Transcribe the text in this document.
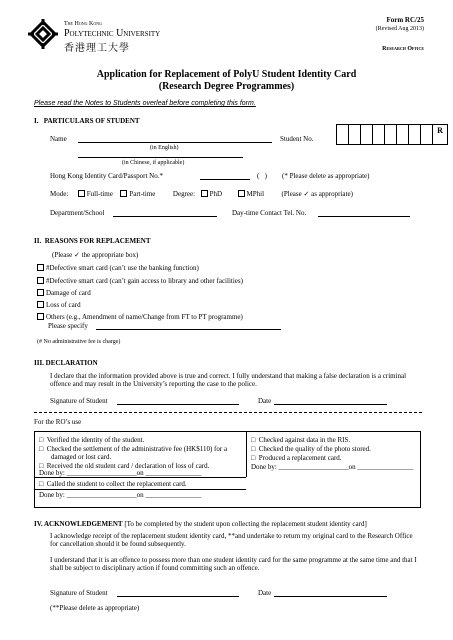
The Hong Kong
Polytechnic University
香港理工大學
Form RC/25
(Revised Aug 2013)
Research Office
Application for Replacement of PolyU Student Identity Card
(Research Degree Programmes)
Please read the Notes to Students overleaf before completing this form.
I.   PARTICULARS OF STUDENT
Name
(in English)
(in Chinese, if applicable)
Student No.
R
Hong Kong Identity Card/Passport No.*	(   ) (* Please delete as appropriate)
Mode:	Full-time Part-time	Degree: PhD	MPhil	(Please ✓ as appropriate)
Department/School	Day-time Contact Tel. No.
II.  REASONS FOR REPLACEMENT
(Please ✓ the appropriate box)
#Defective smart card (can’t use the banking function)
#Defective smart card (can’t gain access to library and other facilities)
Damage of card
Loss of card
Others (e.g., Amendment of name/Change from FT to PT programme)
Please specify
(# No administrative fee is charge)
III. DECLARATION
I declare that the information provided above is true and correct. I fully understand that making a false declaration is a criminal offence and may result in the University’s reporting the case to the police.
Signature of Student	Date
For the RO’s use
□ Verified the identity of the student.
□ Checked the settlement of the administrative fee (HK$110) for a damaged or lost card.
□ Received the old student card / declaration of loss of card.
Done by: ____________________on ________________
□ Called the student to collect the replacement card.
Done by: ____________________on ________________
□ Checked against data in the RIS.
□ Checked the quality of the photo stored.
□ Produced a replacement card.
Done by: ____________________on ________________
IV. ACKNOWLEDGEMENT [To be completed by the student upon collecting the replacement student identity card]
I acknowledge receipt of the replacement student identity card, **and undertake to return my original card to the Research Office for cancellation should it be found subsequently.
I understand that it is an offence to possess more than one student identity card for the same programme at the same time and that I shall be subject to disciplinary action if found committing such an offence.
Signature of Student	Date
(**Please delete as appropriate)
